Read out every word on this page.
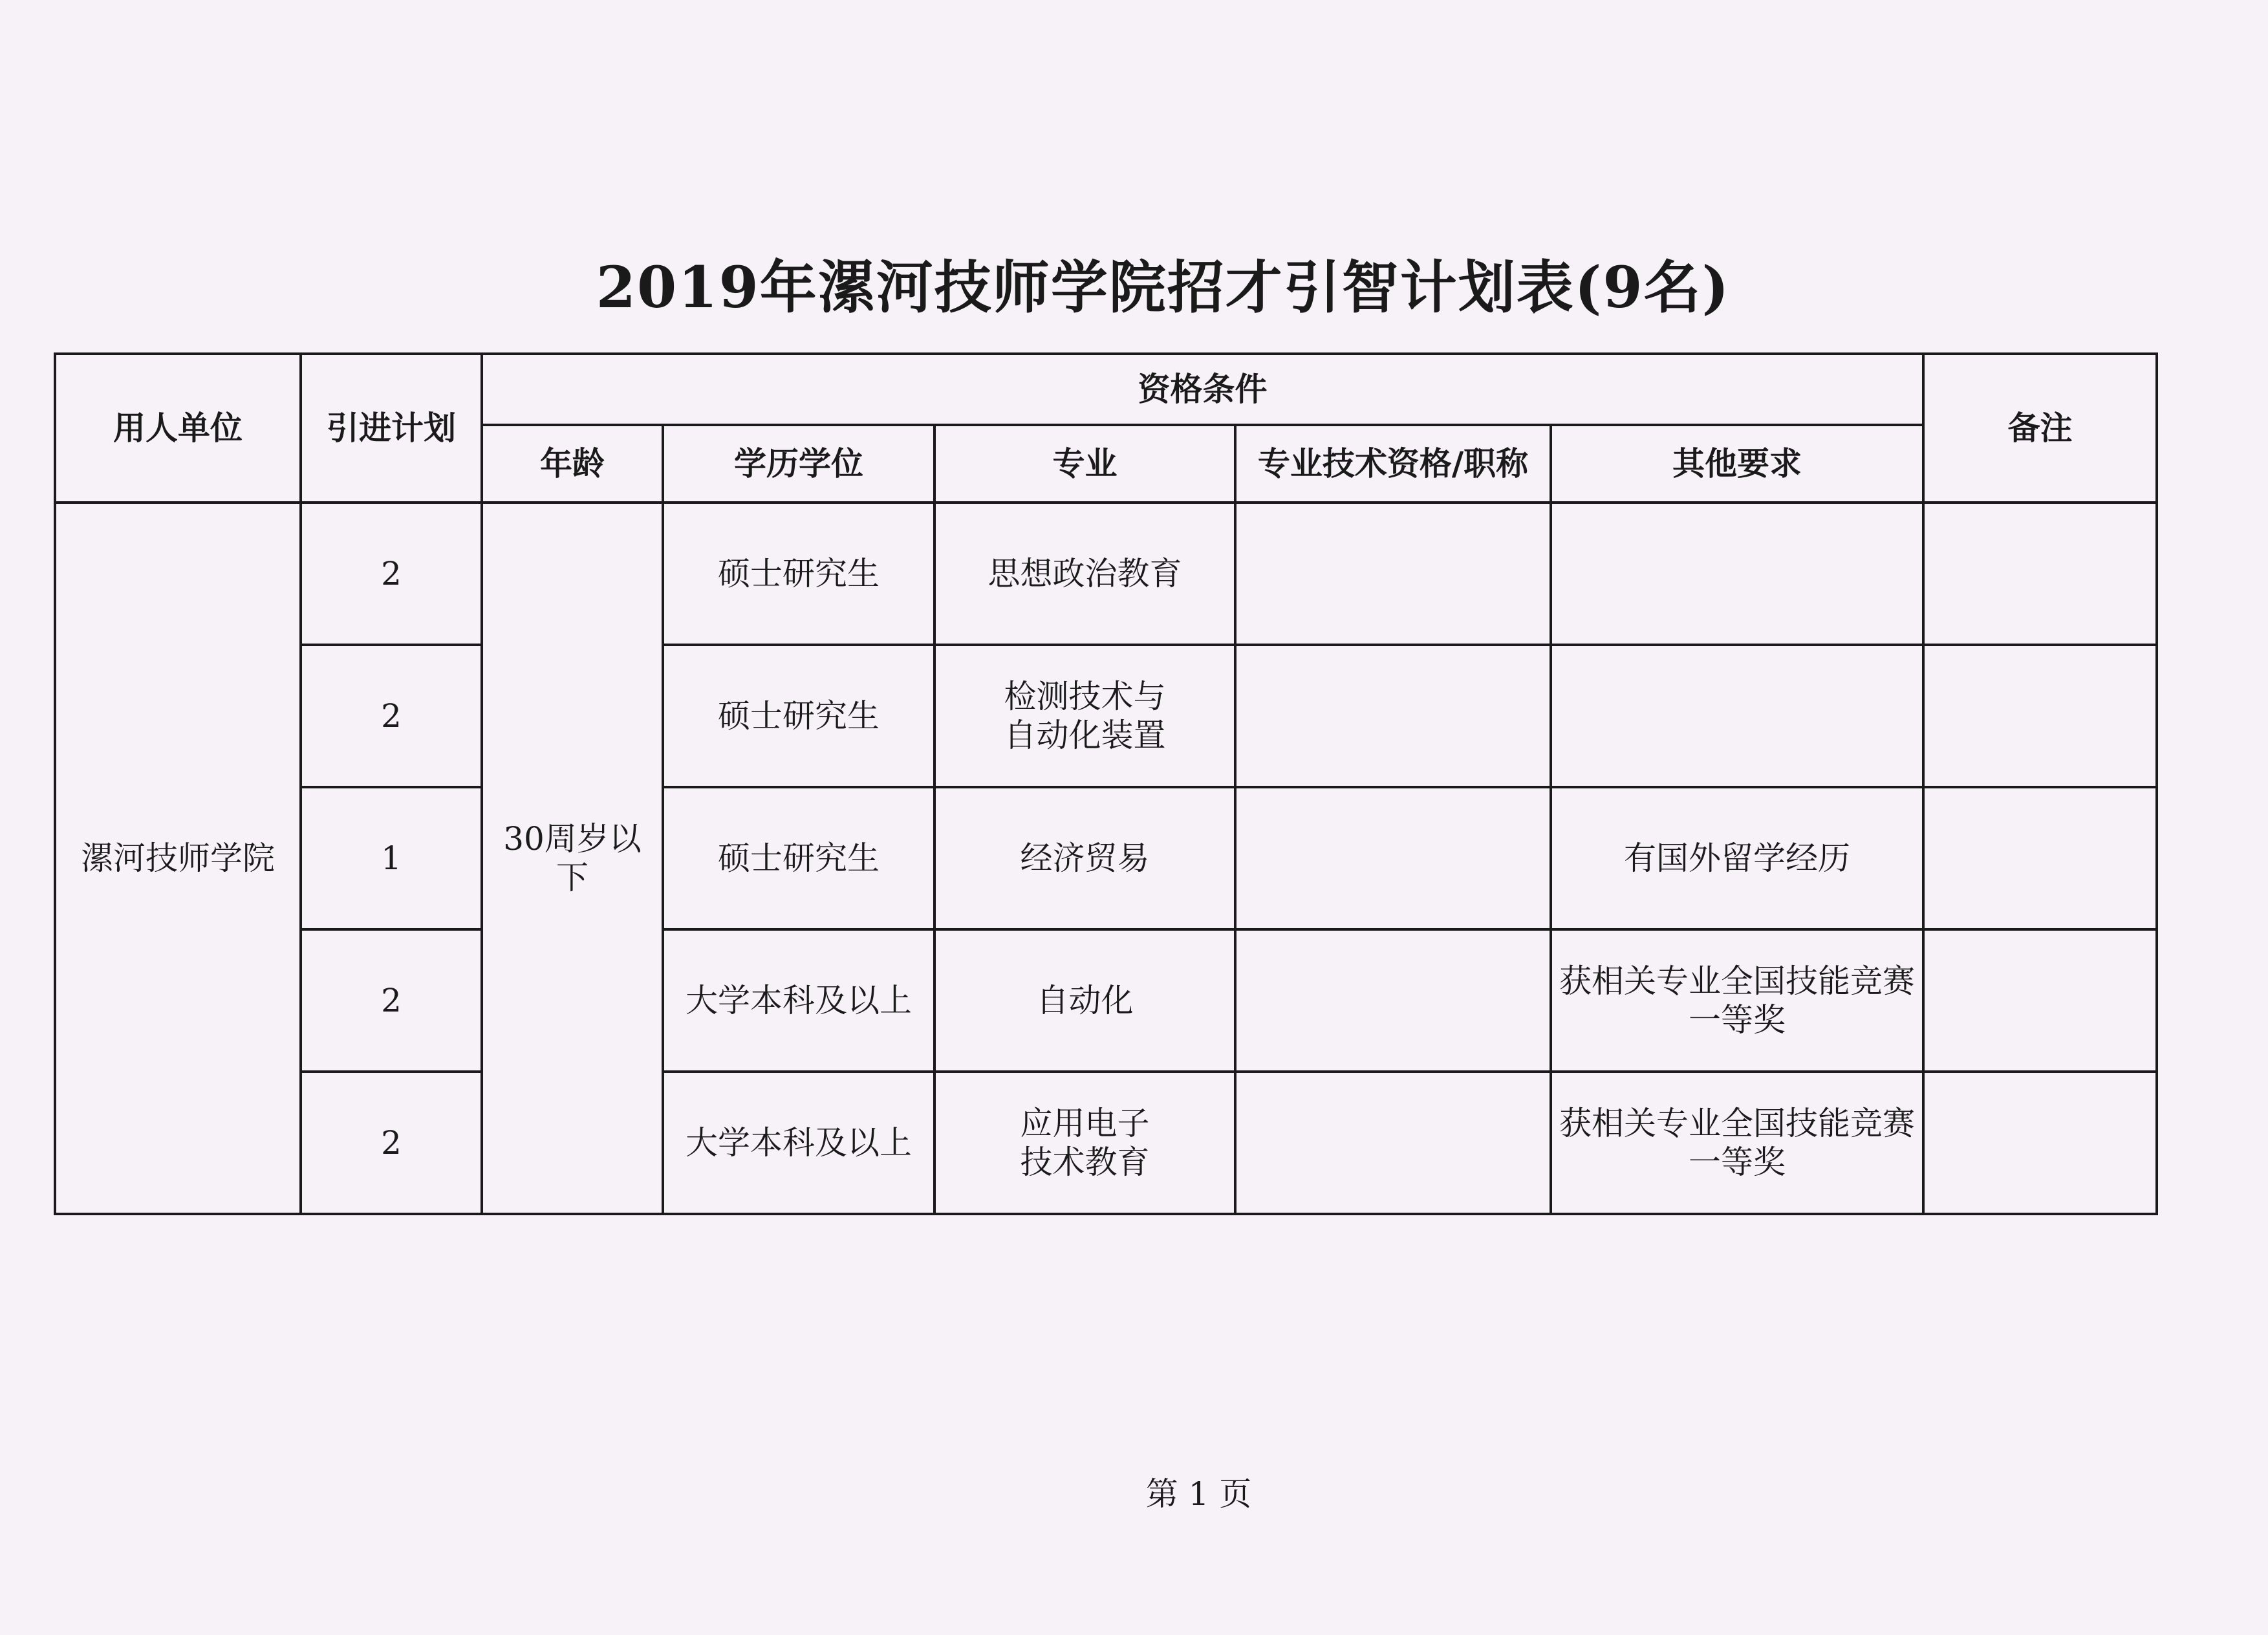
2019年漯河技师学院招才引智计划表(9名)
用人单位	引进计划	资格条件					备注
		年龄	学历学位	专业	专业技术资格/职称	其他要求	
漯河技师学院	2	30周岁以下	硕士研究生	思想政治教育			
	2		硕士研究生	检测技术与
自动化装置			
	1		硕士研究生	经济贸易		有国外留学经历	
	2		大学本科及以上	自动化		获相关专业全国技能竞赛
一等奖	
	2		大学本科及以上	应用电子
技术教育		获相关专业全国技能竞赛
一等奖	
第 1 页
